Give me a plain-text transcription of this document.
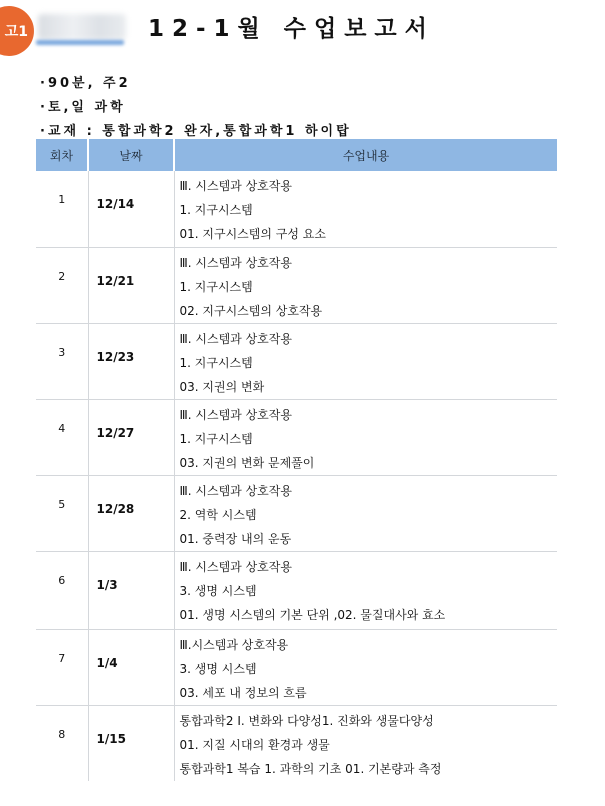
고1	12-1월 수업보고서
·90분, 주2
·토,일 과학
·교재 : 통합과학2 완자,통합과학1 하이탑
회차	날짜	수업내용

1	12/14	Ⅲ. 시스템과 상호작용
1. 지구시스템
01. 지구시스템의 구성 요소

2	12/21	Ⅲ. 시스템과 상호작용
1. 지구시스템
02. 지구시스템의 상호작용

3	12/23	Ⅲ. 시스템과 상호작용
1. 지구시스템
03. 지권의 변화

4	12/27	Ⅲ. 시스템과 상호작용
1. 지구시스템
03. 지권의 변화 문제풀이

5	12/28	Ⅲ. 시스템과 상호작용
2. 역학 시스템
01. 중력장 내의 운동

6	1/3	Ⅲ. 시스템과 상호작용
3. 생명 시스템
01. 생명 시스템의 기본 단위 ,02. 물질대사와 효소

7	1/4	Ⅲ.시스템과 상호작용
3. 생명 시스템
03. 세포 내 정보의 흐름

8	1/15	통합과학2 Ⅰ. 변화와 다양성1. 진화와 생물다양성
01. 지질 시대의 환경과 생물
통합과학1 복습 1. 과학의 기초 01. 기본량과 측정
